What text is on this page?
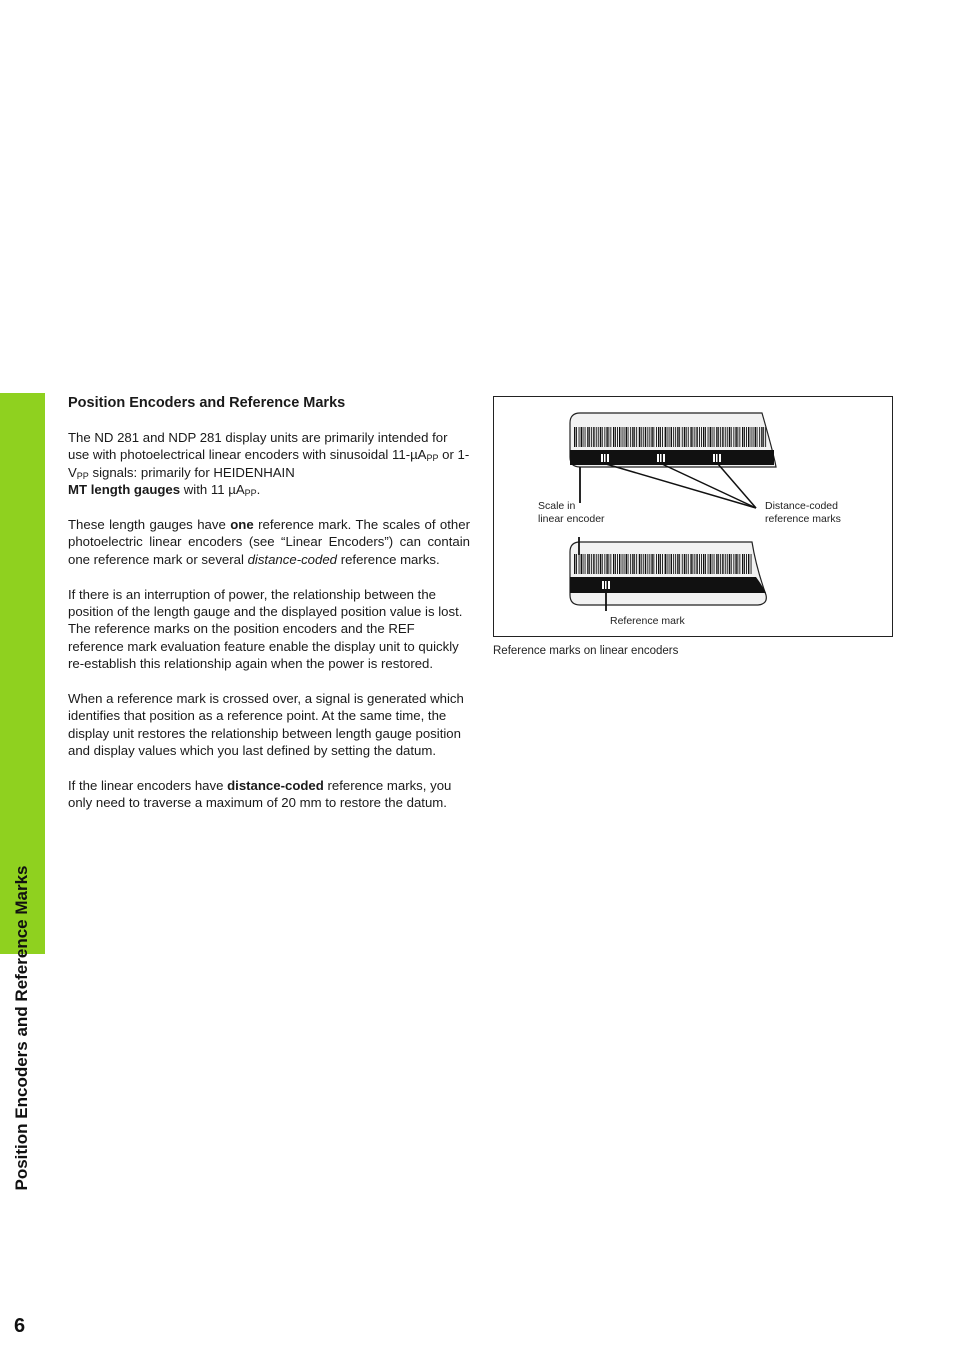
Position Encoders and Reference Marks
6
Position Encoders and Reference Marks

The ND 281 and NDP 281 display units are primarily intended for use with photoelectrical linear encoders with sinusoidal 11-µA$_{PP}$ or $1-V_{PP}$ signals: primarily for HEIDENHAIN
MT length gauges with 11 µA$_{PP}$.

These length gauges have one reference mark. The scales of other photoelectric linear encoders (see “Linear Encoders”) can contain one reference mark or several distance-coded reference marks.

If there is an interruption of power, the relationship between the position of the length gauge and the displayed position value is lost. The reference marks on the position encoders and the REF reference mark evaluation feature enable the display unit to quickly re-establish this relationship again when the power is restored.

When a reference mark is crossed over, a signal is generated which identifies that position as a reference point. At the same time, the display unit restores the relationship between length gauge position and display values which you last defined by setting the datum.

If the linear encoders have distance-coded reference marks, you only need to traverse a maximum of 20 mm to restore the datum.

Scale in
linear encoder
Distance-coded
reference marks
Reference mark
Reference marks on linear encoders
